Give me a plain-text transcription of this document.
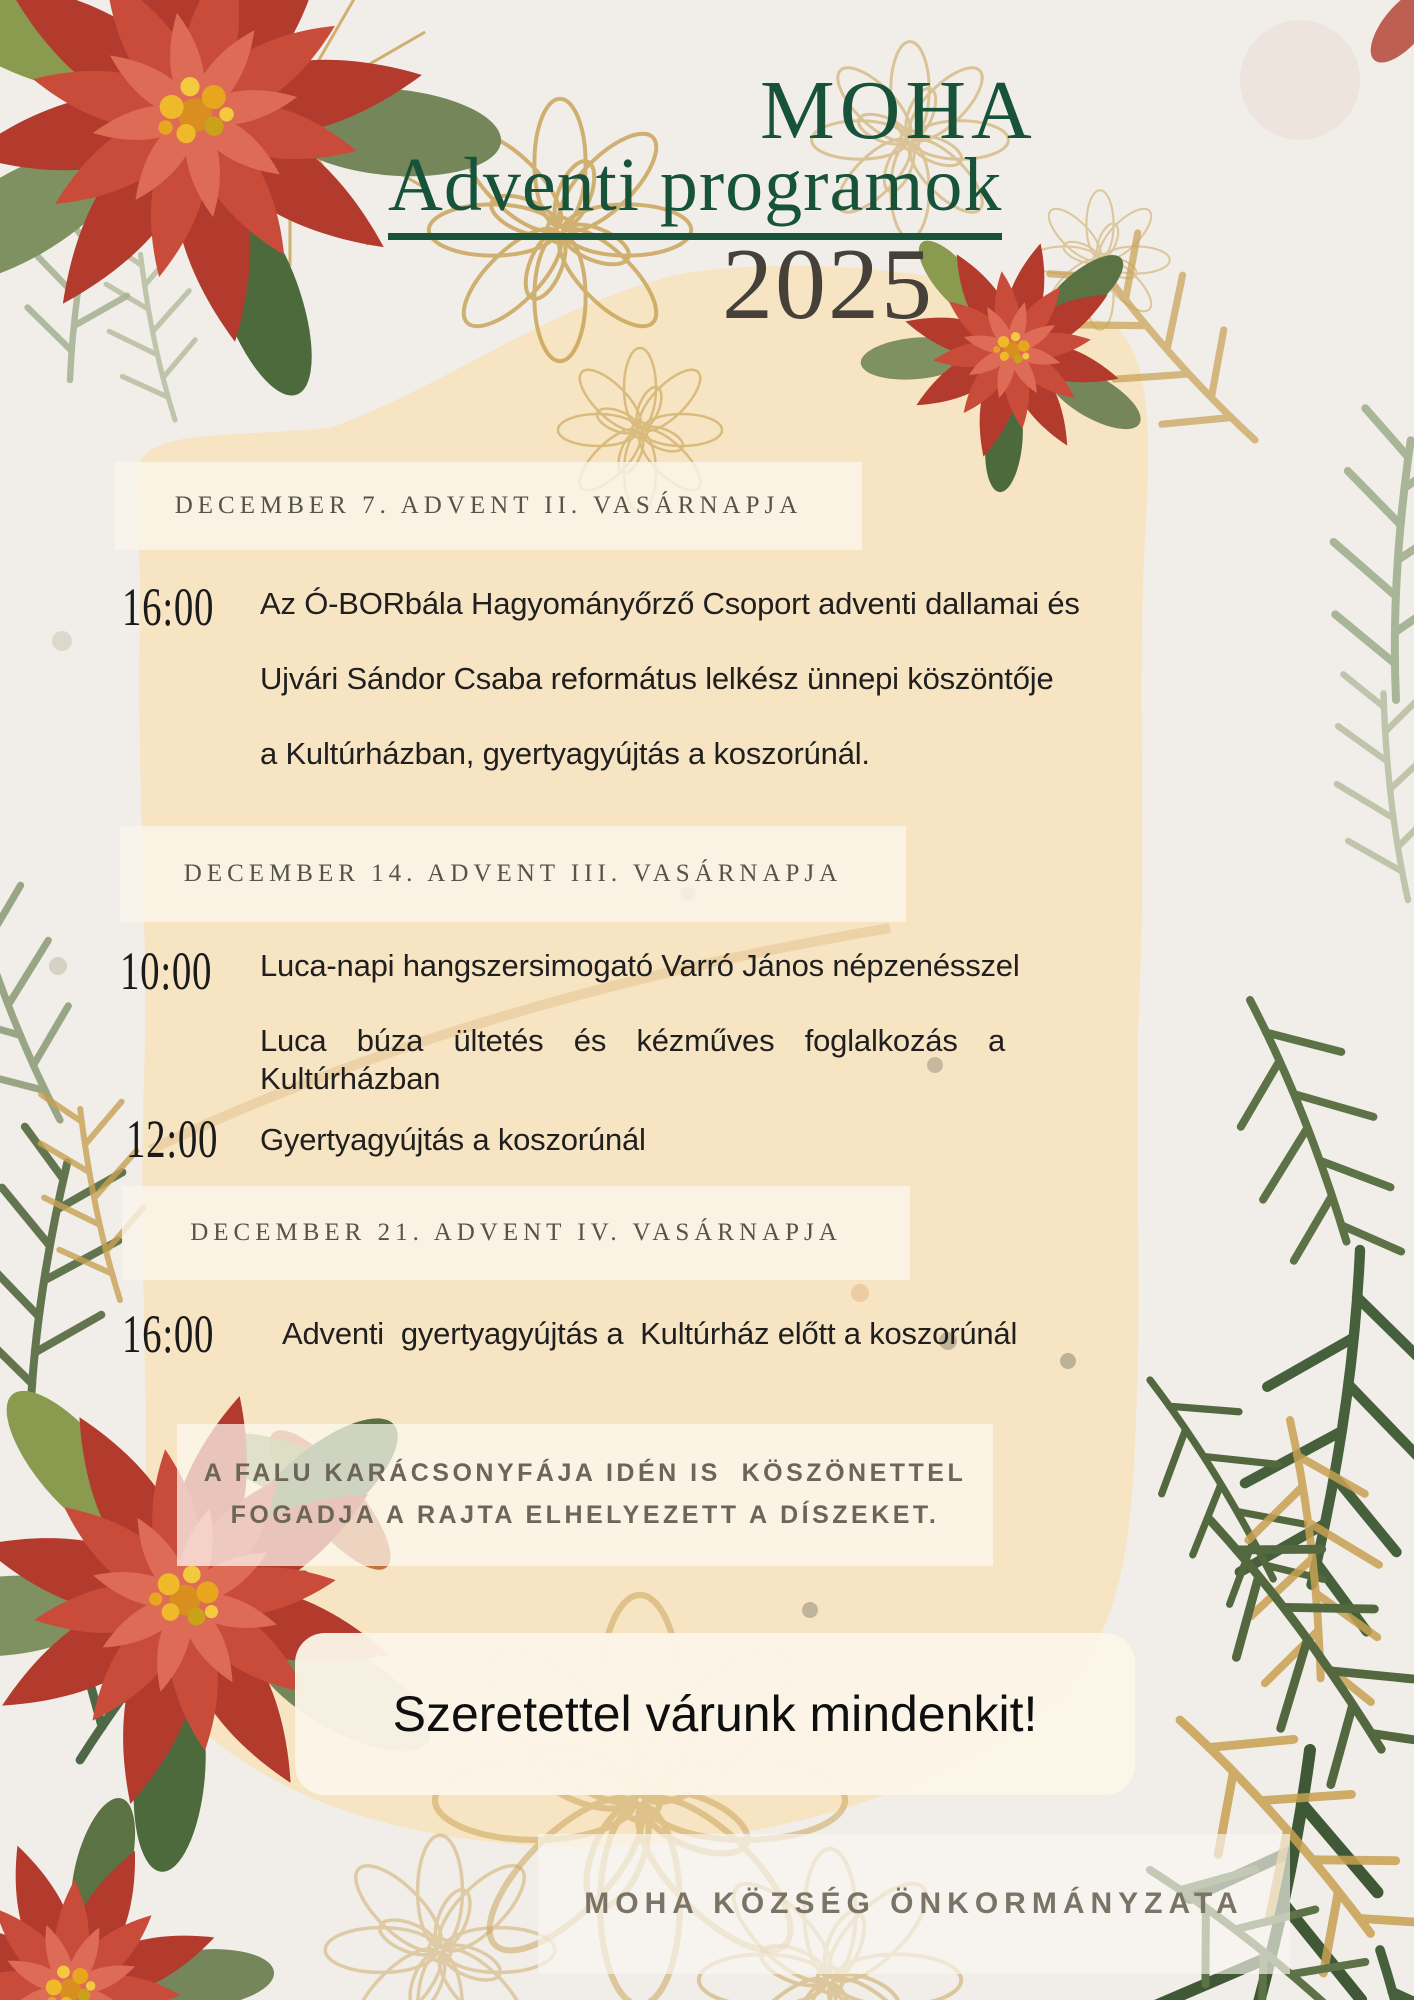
MOHA
Adventi programok
2025
DECEMBER 7. ADVENT II. VASÁRNAPJA
16:00 Az Ó-BORbála Hagyományőrző Csoport adventi dallamai és
Ujvári Sándor Csaba református lelkész ünnepi köszöntője
a Kultúrházban, gyertyagyújtás a koszorúnál.
DECEMBER 14. ADVENT III. VASÁRNAPJA
10:00 Luca-napi hangszersimogató Varró János népzenésszel
Luca búza ültetés és kézműves foglalkozás a Kultúrházban
12:00 Gyertyagyújtás a koszorúnál
DECEMBER 21. ADVENT IV. VASÁRNAPJA
16:00 Adventi  gyertyagyújtás a  Kultúrház előtt a koszorúnál
A FALU KARÁCSONYFÁJA IDÉN IS  KÖSZÖNETTEL
FOGADJA A RAJTA ELHELYEZETT A DÍSZEKET.
Szeretettel várunk mindenkit!
MOHA KÖZSÉG ÖNKORMÁNYZATA
